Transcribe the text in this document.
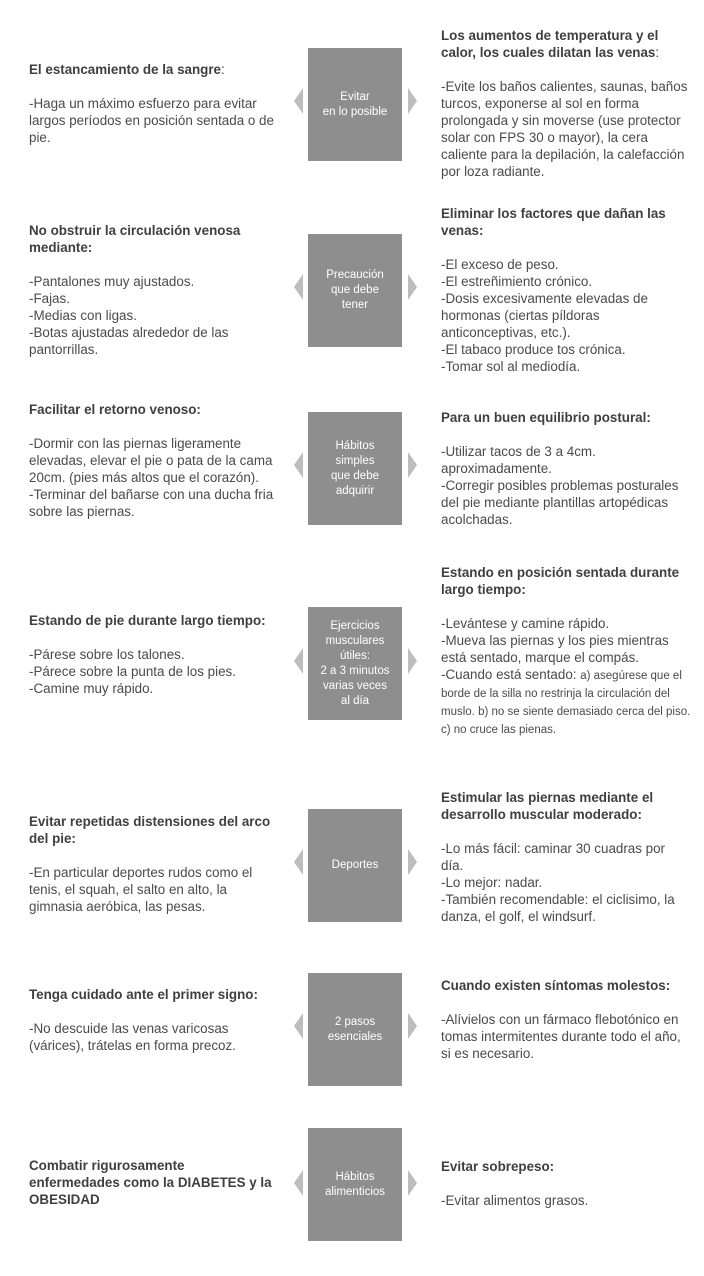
El estancamiento de la sangre:
-Haga un máximo esfuerzo para evitar largos períodos en posición sentada o de pie.
Evitar
en lo posible
Los aumentos de temperatura y el calor, los cuales dilatan las venas:
-Evite los baños calientes, saunas, baños turcos, exponerse al sol en forma prolongada y sin moverse (use protector solar con FPS 30 o mayor), la cera caliente para la depilación, la calefacción por loza radiante.
No obstruir la circulación venosa mediante:
-Pantalones muy ajustados.
-Fajas.
-Medias con ligas.
-Botas ajustadas alrededor de las pantorrillas.
Precaución
que debe
tener
Eliminar los factores que dañan las venas:
-El exceso de peso.
-El estreñimiento crónico.
-Dosis excesivamente elevadas de hormonas (ciertas píldoras anticonceptivas, etc.).
-El tabaco produce tos crónica.
-Tomar sol al mediodía.
Facilitar el retorno venoso:
-Dormir con las piernas ligeramente elevadas, elevar el pie o pata de la cama 20cm. (pies más altos que el corazón).
-Terminar del bañarse con una ducha fria sobre las piernas.
Hábitos
simples
que debe
adquirir
Para un buen equilibrio postural:
-Utilizar tacos de 3 a 4cm. aproximadamente.
-Corregir posibles problemas posturales del pie mediante plantillas artopédicas acolchadas.
Estando de pie durante largo tiempo:
-Párese sobre los talones.
-Párece sobre la punta de los pies.
-Camine muy rápido.
Ejercicios
musculares
útiles:
2 a 3 minutos
varias veces
al día
Estando en posición sentada durante largo tiempo:
-Levántese y camine rápido.
-Mueva las piernas y los pies mientras está sentado, marque el compás.
-Cuando está sentado: a) asegúrese que el borde de la silla no restrinja la circulación del muslo. b) no se siente demasiado cerca del piso. c) no cruce las pienas.
Evitar repetidas distensiones del arco del pie:
-En particular deportes rudos como el tenis, el squah, el salto en alto, la gimnasia aeróbica, las pesas.
Deportes
Estimular las piernas mediante el desarrollo muscular moderado:
-Lo más fácil: caminar 30 cuadras por día.
-Lo mejor: nadar.
-También recomendable: el ciclisimo, la danza, el golf, el windsurf.
Tenga cuidado ante el primer signo:
-No descuide las venas varicosas (várices), trátelas en forma precoz.
2 pasos
esenciales
Cuando existen síntomas molestos:
-Alívielos con un fármaco flebotónico en tomas intermitentes durante todo el año, si es necesario.
Combatir rigurosamente enfermedades como la DIABETES y la OBESIDAD
Hábitos
alimenticios
Evitar sobrepeso:
-Evitar alimentos grasos.
